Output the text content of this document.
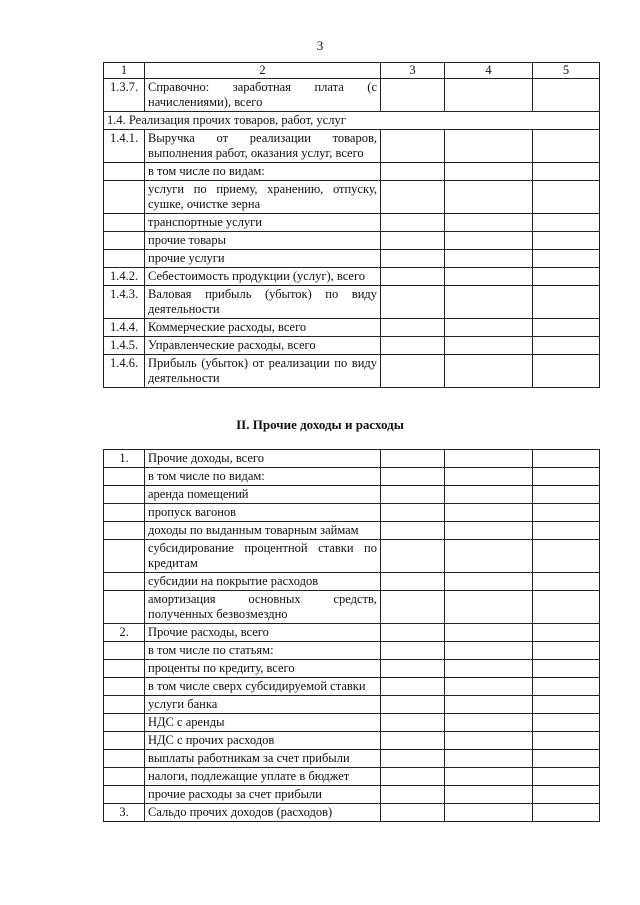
3
1	2	3	4	5
1.3.7.	Справочно: заработная плата (с начислениями), всего			
1.4. Реализация прочих товаров, работ, услуг				
1.4.1.	Выручка от реализации товаров, выполнения работ, оказания услуг, всего			
	в том числе по видам:			
	услуги по приему, хранению, отпуску, сушке, очистке зерна			
	транспортные услуги			
	прочие товары			
	прочие услуги			
1.4.2.	Себестоимость продукции (услуг), всего			
1.4.3.	Валовая прибыль (убыток) по виду деятельности			
1.4.4.	Коммерческие расходы, всего			
1.4.5.	Управленческие расходы, всего			
1.4.6.	Прибыль (убыток) от реализации по виду деятельности			
II. Прочие доходы и расходы
1.	Прочие доходы, всего			
	в том числе по видам:			
	аренда помещений			
	пропуск вагонов			
	доходы по выданным товарным займам			
	субсидирование процентной ставки по кредитам			
	субсидии на покрытие расходов			
	амортизация основных средств, полученных безвозмездно			
2.	Прочие расходы, всего			
	в том числе по статьям:			
	проценты по кредиту, всего			
	в том числе сверх субсидируемой ставки			
	услуги банка			
	НДС с аренды			
	НДС с прочих расходов			
	выплаты работникам за счет прибыли			
	налоги, подлежащие уплате в бюджет			
	прочие расходы за счет прибыли			
3.	Сальдо прочих доходов (расходов)			
